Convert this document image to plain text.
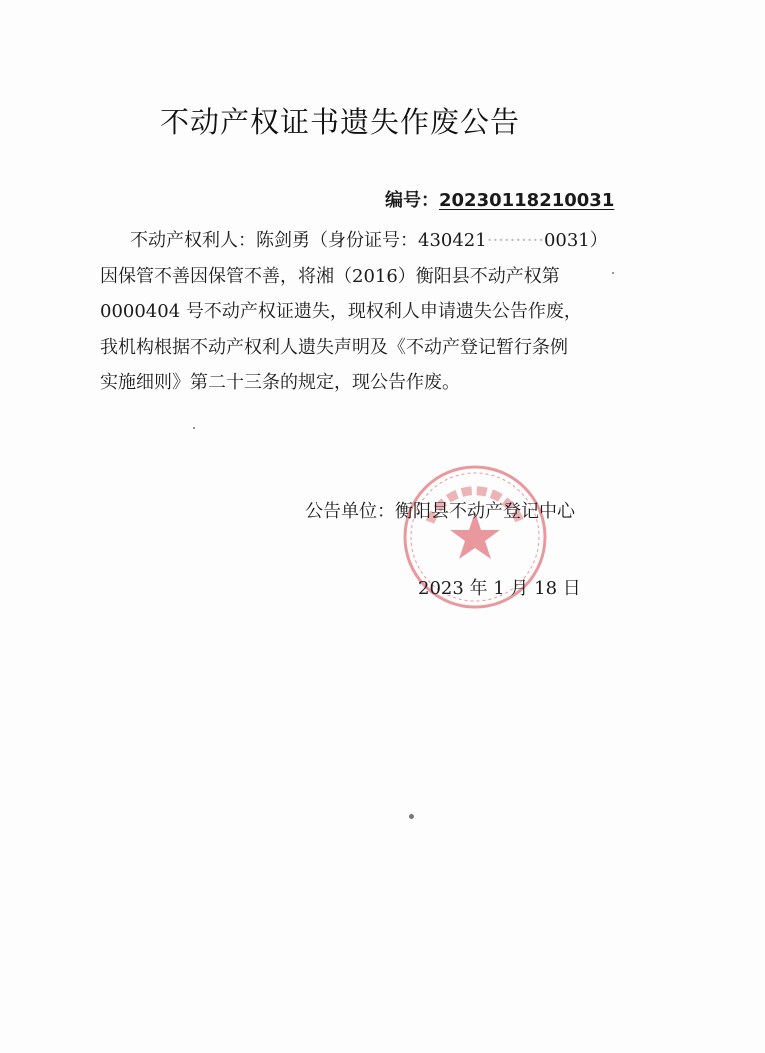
不动产权证书遗失作废公告
编号：20230118210031
不动产权利人：陈剑勇（身份证号：430421··········0031）
因保管不善因保管不善，将湘（2016）衡阳县不动产权第
0000404 号不动产权证遗失，现权利人申请遗失公告作废，
我机构根据不动产权利人遗失声明及《不动产登记暂行条例
实施细则》第二十三条的规定，现公告作废。
公告单位：衡阳县不动产登记中心
2023 年 1 月 18 日
